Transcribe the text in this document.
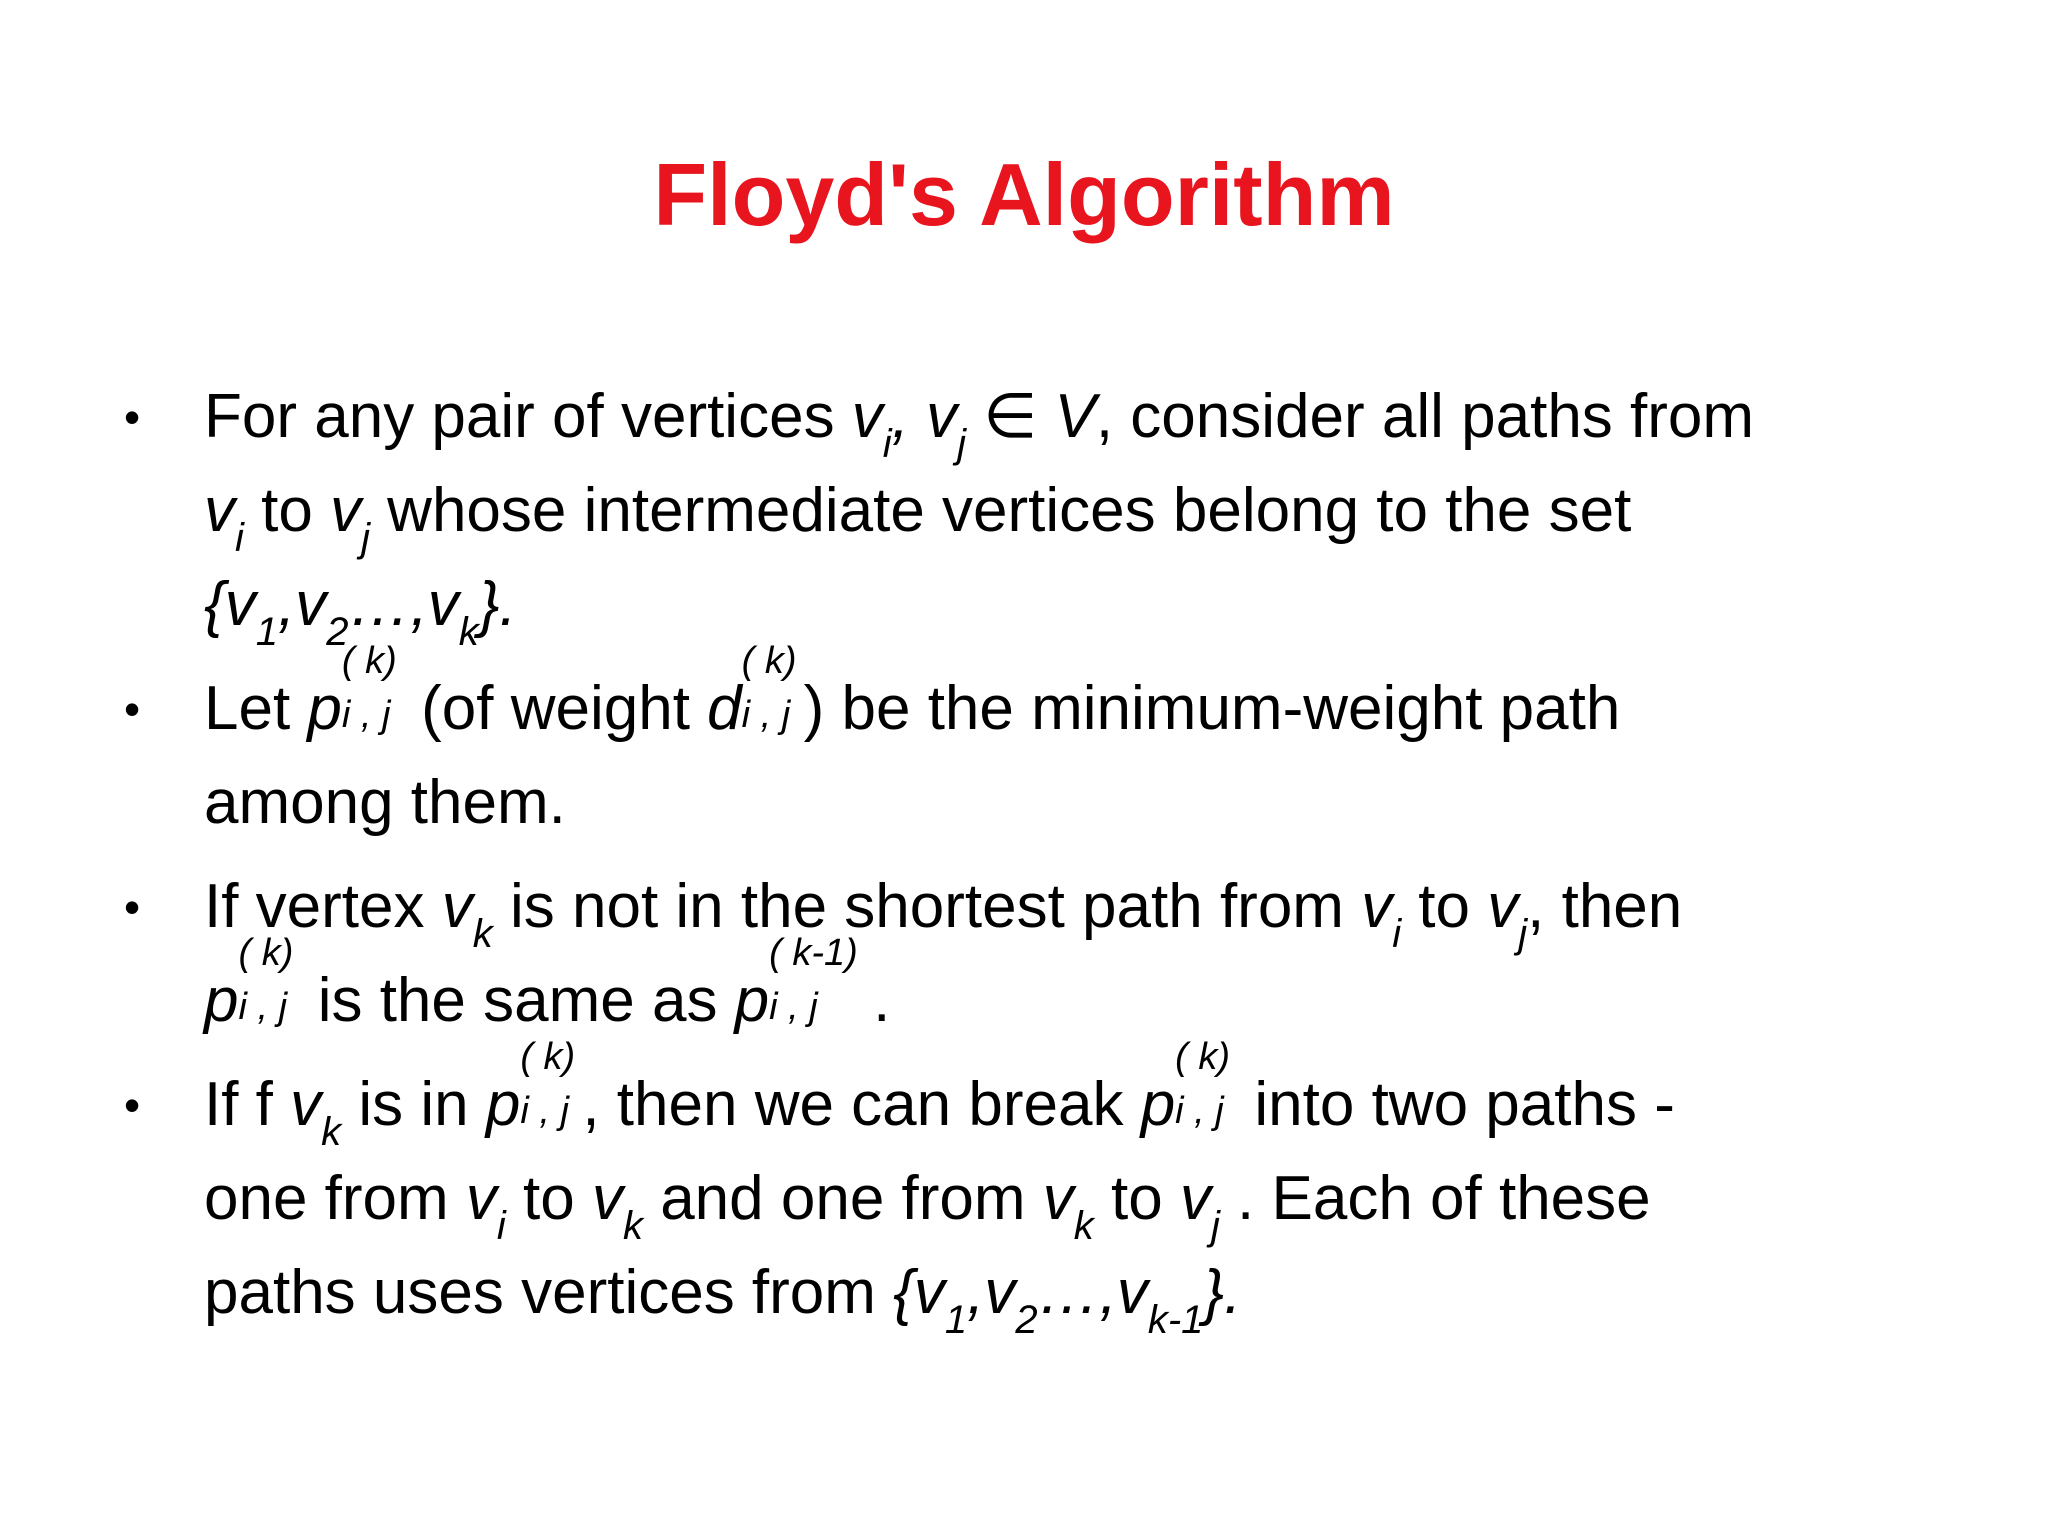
Floyd's Algorithm
• For any pair of vertices $v_i$, $v_j$ ∈ V, consider all paths from
$v_i$ to $v_j$ whose intermediate vertices belong to the set
$\{v_1,v_2\dots,v_k\}$.
• Let p
( k)
i , j (of weight d
( k)
i , j ) be the minimum-weight path
among them.
• If vertex $v_k$ is not in the shortest path from $v_i$ to $v_j$, then
p
( k)
i , j is the same as p
( k-1)
i , j .
• If f $v_k$ is in p
( k)
i , j , then we can break p
( k)
i , j into two paths -
one from $v_i$ to $v_k$ and one from $v_k$ to $v_j$ . Each of these
paths uses vertices from $\{v_1,v_2\dots,v_{k-1}\}$.
